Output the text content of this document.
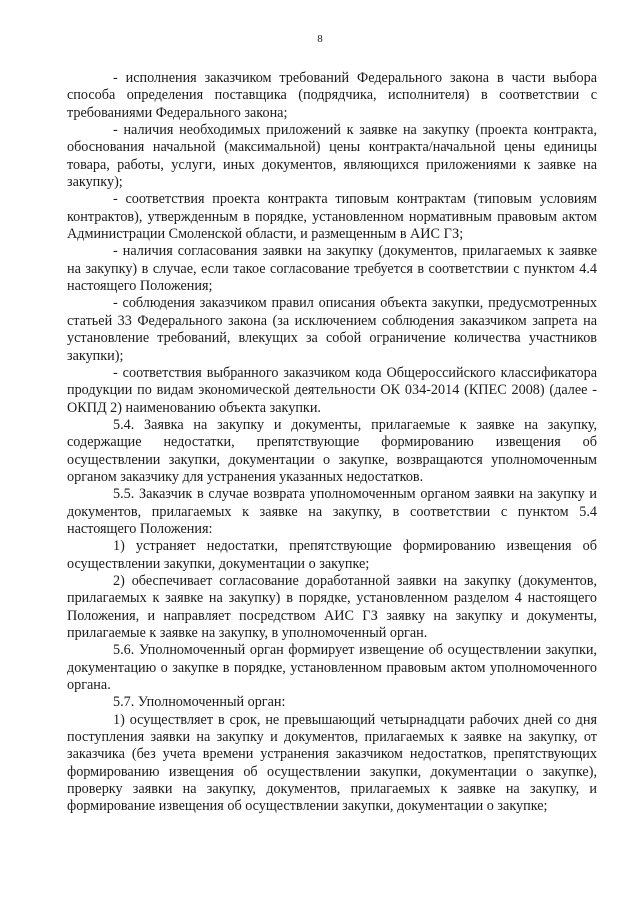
8

- исполнения заказчиком требований Федерального закона в части выбора способа определения поставщика (подрядчика, исполнителя) в соответствии с требованиями Федерального закона;

- наличия необходимых приложений к заявке на закупку (проекта контракта, обоснования начальной (максимальной) цены контракта/начальной цены единицы товара, работы, услуги, иных документов, являющихся приложениями к заявке на закупку);

- соответствия проекта контракта типовым контрактам (типовым условиям контрактов), утвержденным в порядке, установленном нормативным правовым актом Администрации Смоленской области, и размещенным в АИС ГЗ;

- наличия согласования заявки на закупку (документов, прилагаемых к заявке на закупку) в случае, если такое согласование требуется в соответствии с пунктом 4.4 настоящего Положения;

- соблюдения заказчиком правил описания объекта закупки, предусмотренных статьей 33 Федерального закона (за исключением соблюдения заказчиком запрета на установление требований, влекущих за собой ограничение количества участников закупки);

- соответствия выбранного заказчиком кода Общероссийского классификатора продукции по видам экономической деятельности ОК 034-2014 (КПЕС 2008) (далее - ОКПД 2) наименованию объекта закупки.

5.4. Заявка на закупку и документы, прилагаемые к заявке на закупку, содержащие недостатки, препятствующие формированию извещения об осуществлении закупки, документации о закупке, возвращаются уполномоченным органом заказчику для устранения указанных недостатков.

5.5. Заказчик в случае возврата уполномоченным органом заявки на закупку и документов, прилагаемых к заявке на закупку, в соответствии с пунктом 5.4 настоящего Положения:

1) устраняет недостатки, препятствующие формированию извещения об осуществлении закупки, документации о закупке;

2) обеспечивает согласование доработанной заявки на закупку (документов, прилагаемых к заявке на закупку) в порядке, установленном разделом 4 настоящего Положения, и направляет посредством АИС ГЗ заявку на закупку и документы, прилагаемые к заявке на закупку, в уполномоченный орган.

5.6. Уполномоченный орган формирует извещение об осуществлении закупки, документацию о закупке в порядке, установленном правовым актом уполномоченного органа.

5.7. Уполномоченный орган:

1) осуществляет в срок, не превышающий четырнадцати рабочих дней со дня поступления заявки на закупку и документов, прилагаемых к заявке на закупку, от заказчика (без учета времени устранения заказчиком недостатков, препятствующих формированию извещения об осуществлении закупки, документации о закупке), проверку заявки на закупку, документов, прилагаемых к заявке на закупку, и формирование извещения об осуществлении закупки, документации о закупке;
